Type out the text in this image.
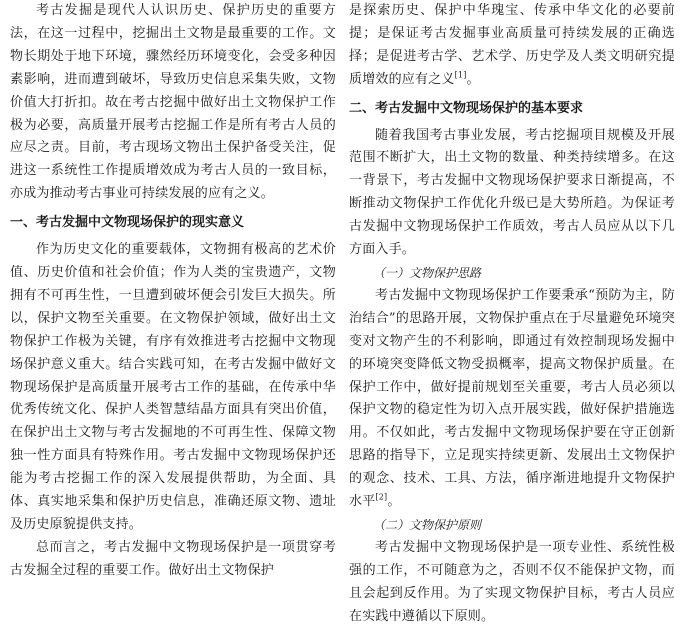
考古发掘是现代人认识历史、保护历史的重要方法，在这一过程中，挖掘出土文物是最重要的工作。文物长期处于地下环境，骤然经历环境变化，会受多种因素影响，进而遭到破坏，导致历史信息采集失败，文物价值大打折扣。故在考古挖掘中做好出土文物保护工作极为必要，高质量开展考古挖掘工作是所有考古人员的应尽之责。目前，考古现场文物出土保护备受关注，促进这一系统性工作提质增效成为考古人员的一致目标，亦成为推动考古事业可持续发展的应有之义。

一、考古发掘中文物现场保护的现实意义

作为历史文化的重要载体，文物拥有极高的艺术价值、历史价值和社会价值；作为人类的宝贵遗产，文物拥有不可再生性，一旦遭到破坏便会引发巨大损失。所以，保护文物至关重要。在文物保护领域，做好出土文物保护工作极为关键，有序有效推进考古挖掘中文物现场保护意义重大。结合实践可知，在考古发掘中做好文物现场保护是高质量开展考古工作的基础，在传承中华优秀传统文化、保护人类智慧结晶方面具有突出价值，在保护出土文物与考古发掘地的不可再生性、保障文物独一性方面具有特殊作用。考古发掘中文物现场保护还能为考古挖掘工作的深入发展提供帮助，为全面、具体、真实地采集和保护历史信息，准确还原文物、遗址及历史原貌提供支持。

总而言之，考古发掘中文物现场保护是一项贯穿考古发掘全过程的重要工作。做好出土文物保护

是探索历史、保护中华瑰宝、传承中华文化的必要前提；是保证考古发掘事业高质量可持续发展的正确选择；是促进考古学、艺术学、历史学及人类文明研究提质增效的应有之义[1]。

二、考古发掘中文物现场保护的基本要求

随着我国考古事业发展，考古挖掘项目规模及开展范围不断扩大，出土文物的数量、种类持续增多。在这一背景下，考古发掘中文物现场保护要求日渐提高，不断推动文物保护工作优化升级已是大势所趋。为保证考古发掘中文物现场保护工作质效，考古人员应从以下几方面入手。

（一）文物保护思路

考古发掘中文物现场保护工作要秉承“预防为主，防治结合”的思路开展，文物保护重点在于尽量避免环境突变对文物产生的不利影响，即通过有效控制现场发掘中的环境突变降低文物受损概率，提高文物保护质量。在保护工作中，做好提前规划至关重要，考古人员必须以保护文物的稳定性为切入点开展实践，做好保护措施选用。不仅如此，考古发掘中文物现场保护要在守正创新思路的指导下，立足现实持续更新、发展出土文物保护的观念、技术、工具、方法，循序渐进地提升文物保护水平[2]。

（二）文物保护原则

考古发掘中文物现场保护是一项专业性、系统性极强的工作，不可随意为之，否则不仅不能保护文物，而且会起到反作用。为了实现文物保护目标，考古人员应在实践中遵循以下原则。
